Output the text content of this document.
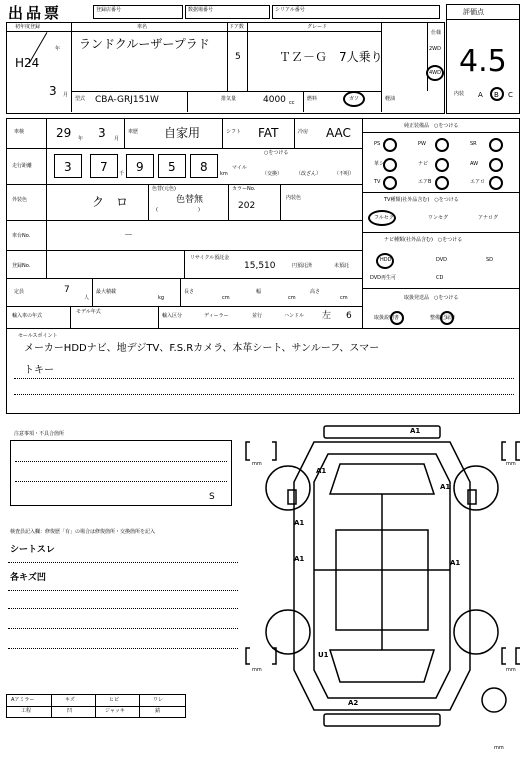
出品票	登録店番号	数据場番号	シリアル番号	評価点
4.5
初年度登録
H24
年
3 月
車名	ドア数	グレード
ランドクルーザープラド
5	ＴＺ－Ｇ　7人乗り
型式 CBA-GRJ151W	排気量	4000 cc
燃料	ガソ	軽油
仕様
2WD
4WD
内装 A B C
車検	29 年 3 月
車歴 自家用	シフト FAT	冷房 AAC
走行距離	3 7 千 9 5 8 km
○をつける
マイル
（交換）	（改ざん）	（不明）
外装色	ク　ロ
色替(元色)
色替無
(　　　　　　　　)
カラーNo.
202
内装色
車台No.	－
登録No.
リサイクル預託金
15,510	円預託済	未預託
定員	7
人
最大積載
kg
長さ
cm
幅
cm
高さ
cm
輸入車の年式
モデル年式
輸入区分	ディーラー	並行	ハンドル 左 6
純正装備品　○をつける
PS	PW	SR
革シ	ナビ	AW
TV	エアB	エアロ
TV種類(社外品含む)　○をつける
フルセグ	ワンセグ	アナログ
ナビ種類(社外品含む)　○をつける
HDD	DVD	SD
DVD再生可	CD
取扱発送品　○をつける
取扱説明書	整備記録簿
セールスポイント
メーカーHDDナビ、地デジTV、F.S.Rカメラ、本革シート、サンルーフ、スマー
トキー
注意事項・不具合箇所
S
検査員記入欄：修復歴「有」の場合は修復箇所・交換箇所を記入
シートスレ
各キズ凹
Aアミラー	キズ	ヒビ	ワレ
工程	凹	ジャッキ	錆
A1
A1
A1
A1
A1	A1
U1
A2
mm	mm
mm	mm
mm
